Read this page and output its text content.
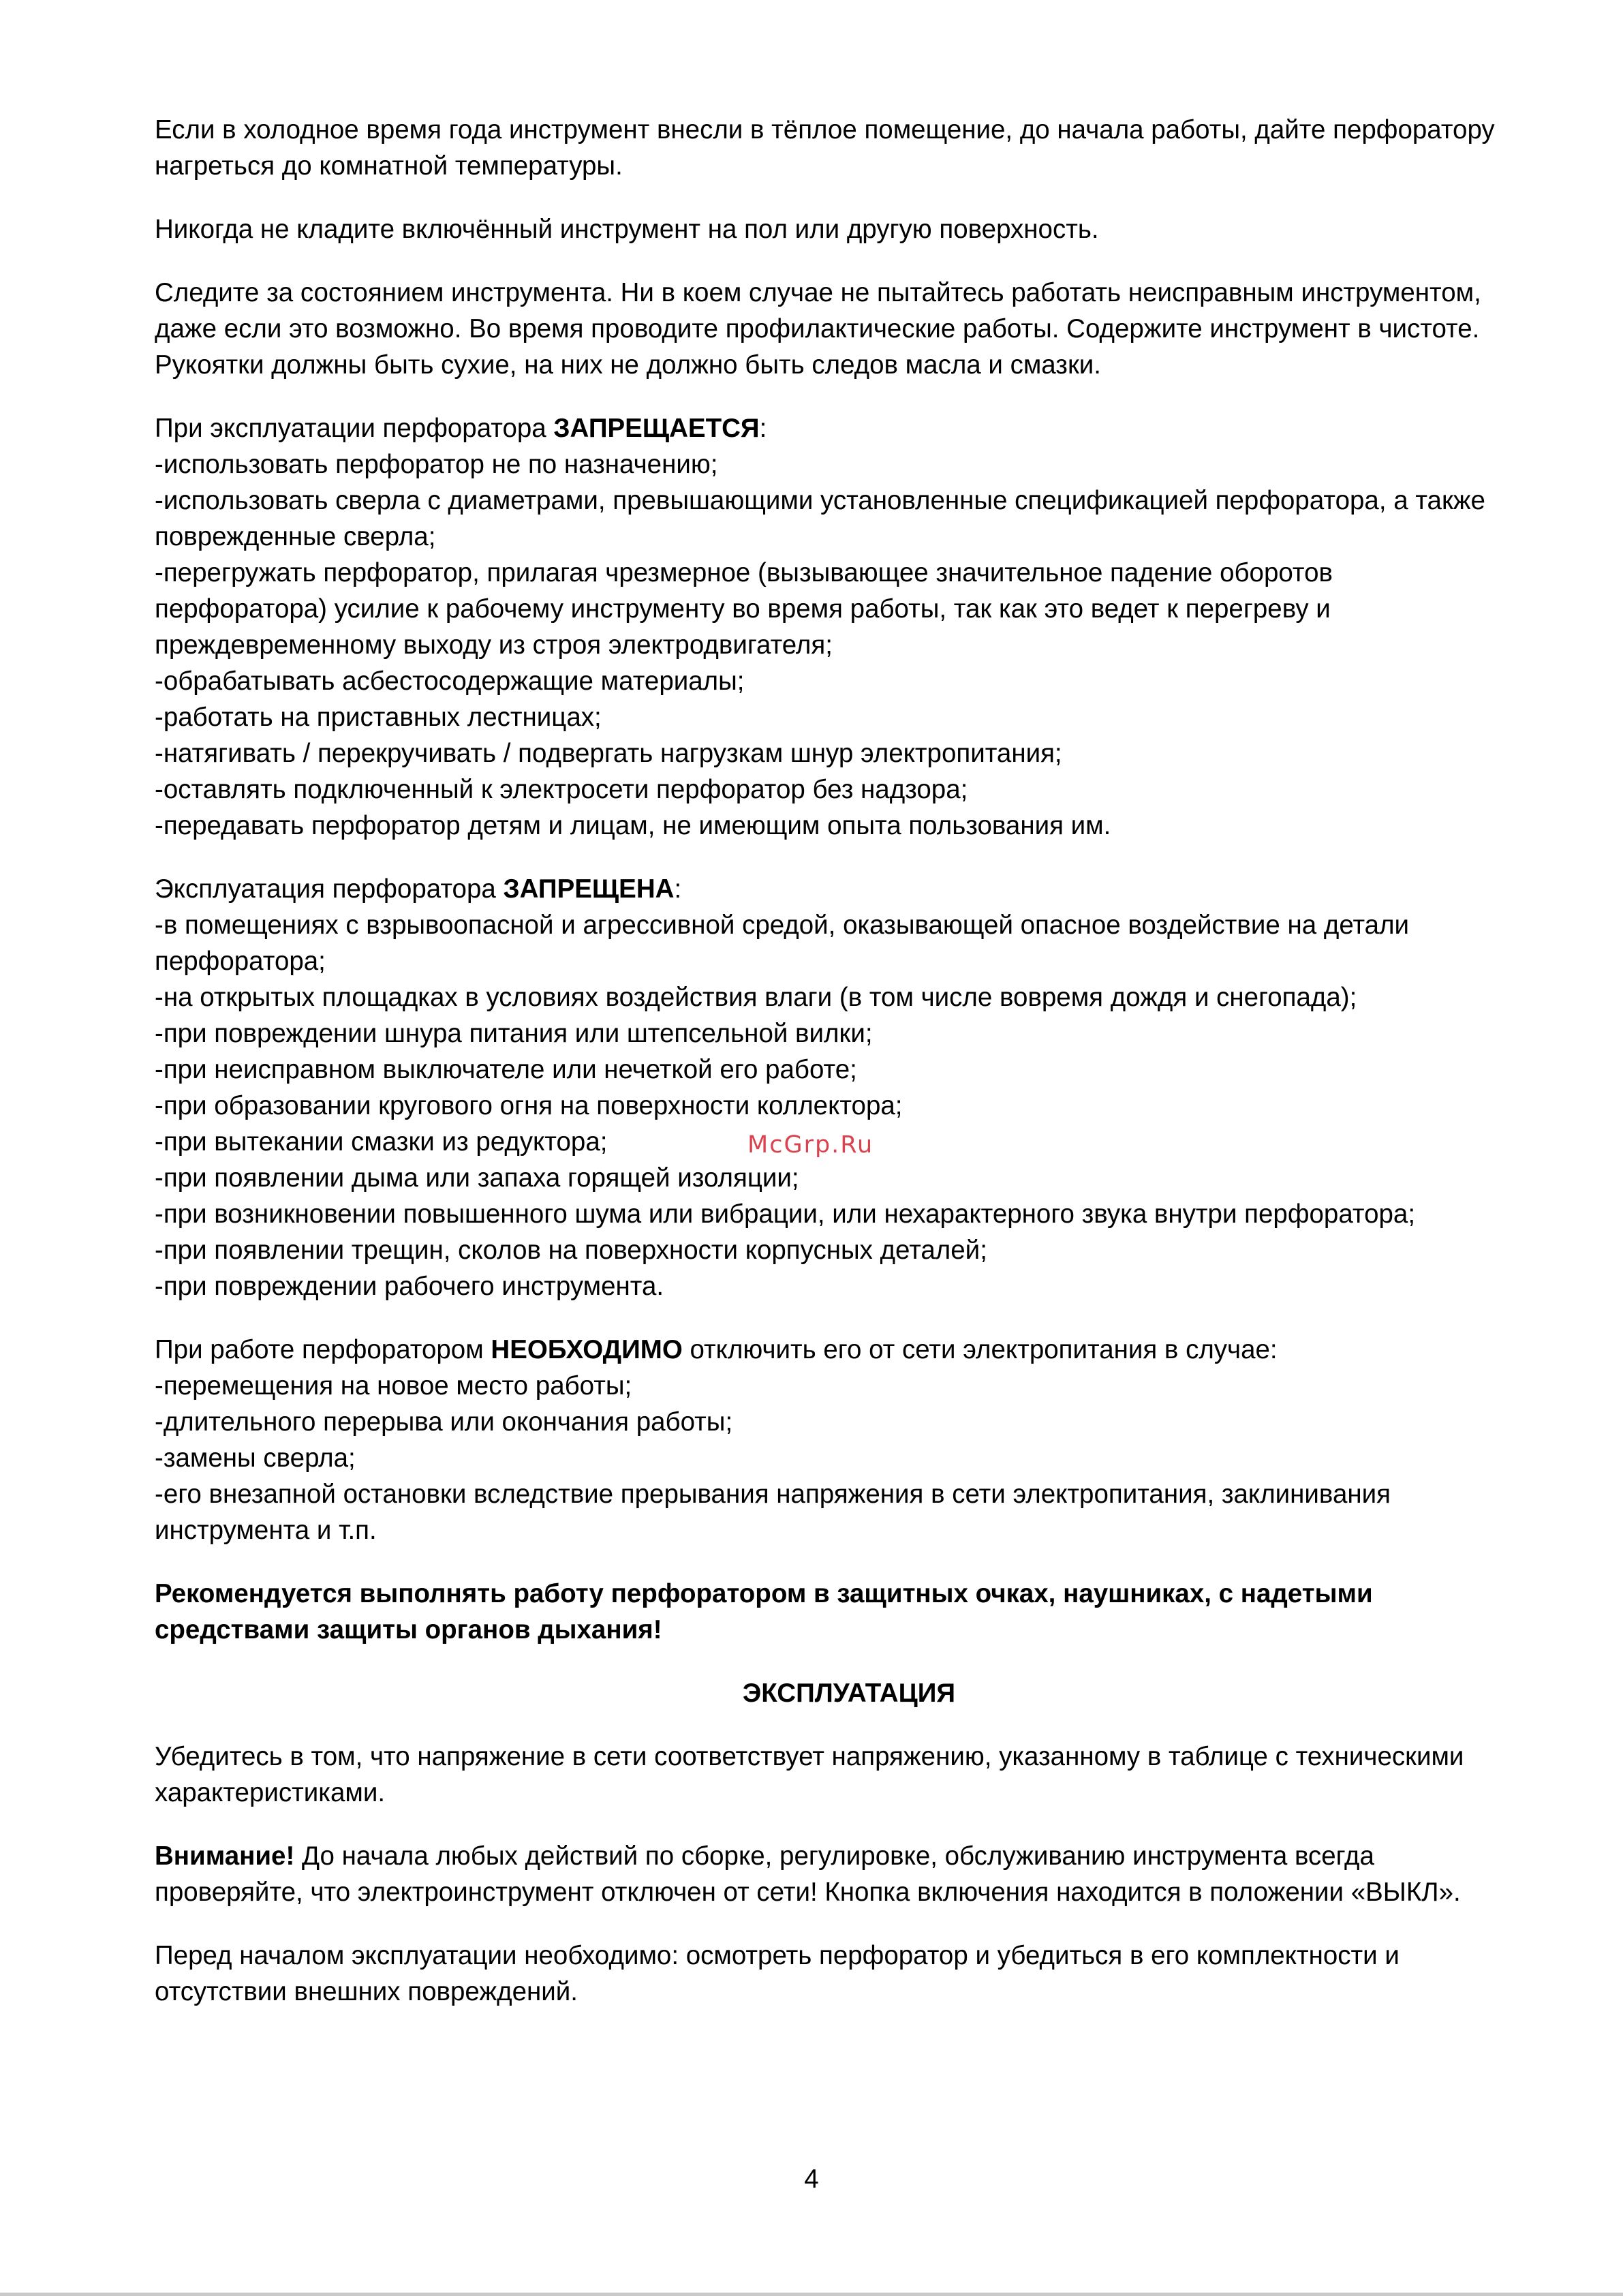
Если в холодное время года инструмент внесли в тёплое помещение, до начала работы, дайте перфоратору нагреться до комнатной температуры.

Никогда не кладите включённый инструмент на пол или другую поверхность.

Следите за состоянием инструмента. Ни в коем случае не пытайтесь работать неисправным инструментом, даже если это возможно. Во время проводите профилактические работы. Содержите инструмент в чистоте. Рукоятки должны быть сухие, на них не должно быть следов масла и смазки.

При эксплуатации перфоратора ЗАПРЕЩАЕТСЯ:

-использовать перфоратор не по назначению;

-использовать сверла с диаметрами, превышающими установленные спецификацией перфоратора, а также поврежденные сверла;

-перегружать перфоратор, прилагая чрезмерное (вызывающее значительное падение оборотов перфоратора) усилие к рабочему инструменту во время работы, так как это ведет к перегреву и преждевременному выходу из строя электродвигателя;

-обрабатывать асбестосодержащие материалы;

-работать на приставных лестницах;

-натягивать / перекручивать / подвергать нагрузкам шнур электропитания;

-оставлять подключенный к электросети перфоратор без надзора;

-передавать перфоратор детям и лицам, не имеющим опыта пользования им.

Эксплуатация перфоратора ЗАПРЕЩЕНА:

-в помещениях с взрывоопасной и агрессивной средой, оказывающей опасное воздействие на детали перфоратора;

-на открытых площадках в условиях воздействия влаги (в том числе вовремя дождя и снегопада);

-при повреждении шнура питания или штепсельной вилки;

-при неисправном выключателе или нечеткой его работе;

-при образовании кругового огня на поверхности коллектора;

-при вытекании смазки из редуктора;

-при появлении дыма или запаха горящей изоляции;

-при возникновении повышенного шума или вибрации, или нехарактерного звука внутри перфоратора;

-при появлении трещин, сколов на поверхности корпусных деталей;

-при повреждении рабочего инструмента.

При работе перфоратором НЕОБХОДИМО отключить его от сети электропитания в случае:

-перемещения на новое место работы;

-длительного перерыва или окончания работы;

-замены сверла;

-его внезапной остановки вследствие прерывания напряжения в сети электропитания, заклинивания инструмента и т.п.

Рекомендуется выполнять работу перфоратором в защитных очках, наушниках, с надетыми средствами защиты органов дыхания!

ЭКСПЛУАТАЦИЯ

Убедитесь в том, что напряжение в сети соответствует напряжению, указанному в таблице с техническими характеристиками.

Внимание! До начала любых действий по сборке, регулировке, обслуживанию инструмента всегда проверяйте, что электроинструмент отключен от сети! Кнопка включения находится в положении «ВЫКЛ».

Перед началом эксплуатации необходимо: осмотреть перфоратор и убедиться в его комплектности и отсутствии внешних повреждений.

McGrp.Ru
4
